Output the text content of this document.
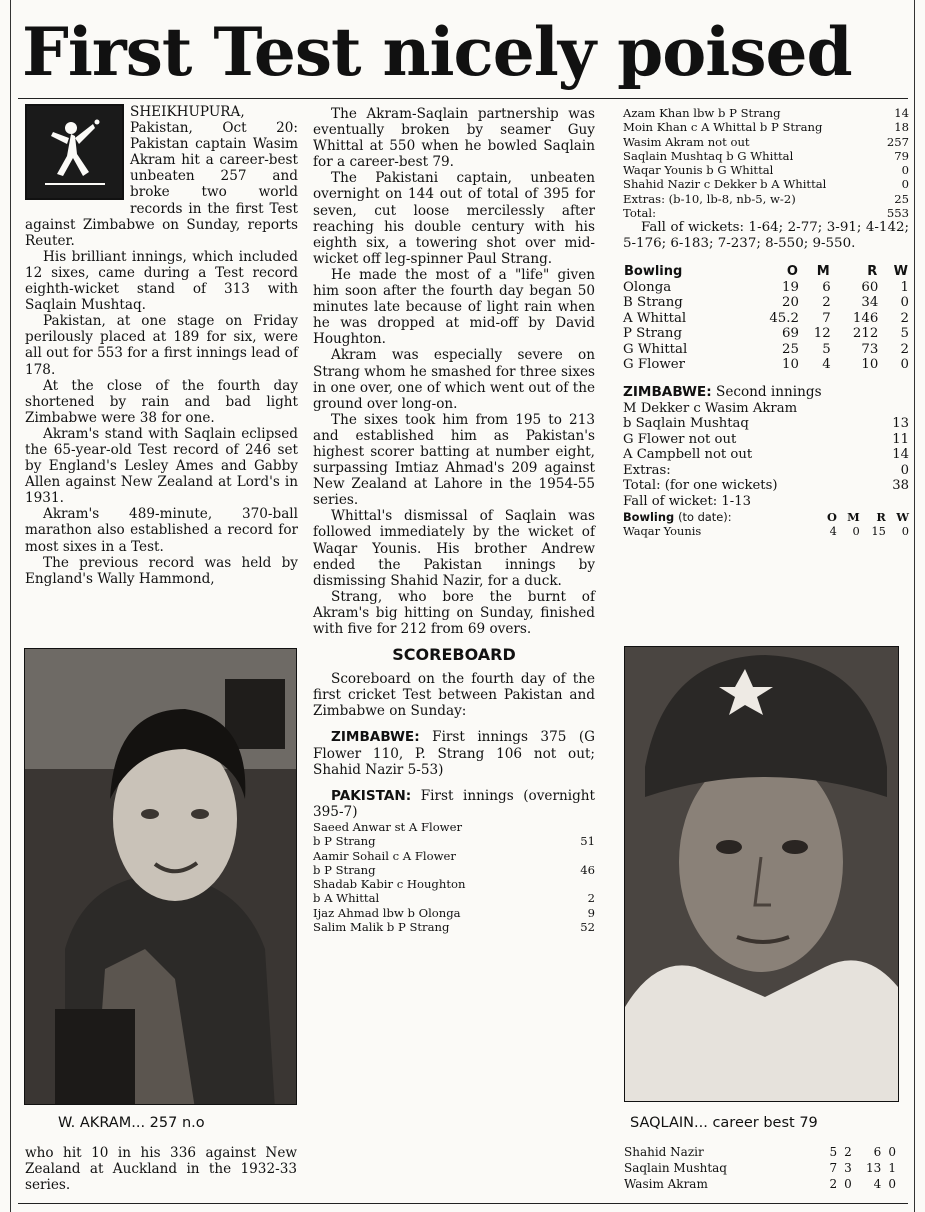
First Test nicely poised

SHEIKHUPURA, Pakistan, Oct 20: Pakistan captain Wasim Akram hit a career-best unbeaten 257 and broke two world records in the first Test against Zimbabwe on Sunday, reports Reuter.

His brilliant innings, which included 12 sixes, came during a Test record eighth-wicket stand of 313 with Saqlain Mushtaq.

Pakistan, at one stage on Friday perilously placed at 189 for six, were all out for 553 for a first innings lead of 178.

At the close of the fourth day shortened by rain and bad light Zimbabwe were 38 for one.

Akram's stand with Saqlain eclipsed the 65-year-old Test record of 246 set by England's Lesley Ames and Gabby Allen against New Zealand at Lord's in 1931.

Akram's 489-minute, 370-ball marathon also established a record for most sixes in a Test.

The previous record was held by England's Wally Hammond,

W. AKRAM... 257 n.o

who hit 10 in his 336 against New Zealand at Auckland in the 1932-33 series.

The Akram-Saqlain partnership was eventually broken by seamer Guy Whittal at 550 when he bowled Saqlain for a career-best 79.

The Pakistani captain, unbeaten overnight on 144 out of total of 395 for seven, cut loose mercilessly after reaching his double century with his eighth six, a towering shot over mid-wicket off leg-spinner Paul Strang.

He made the most of a "life" given him soon after the fourth day began 50 minutes late because of light rain when he was dropped at mid-off by David Houghton.

Akram was especially severe on Strang whom he smashed for three sixes in one over, one of which went out of the ground over long-on.

The sixes took him from 195 to 213 and established him as Pakistan's highest scorer batting at number eight, surpassing Imtiaz Ahmad's 209 against New Zealand at Lahore in the 1954-55 series.

Whittal's dismissal of Saqlain was followed immediately by the wicket of Waqar Younis. His brother Andrew ended the Pakistan innings by dismissing Shahid Nazir, for a duck.

Strang, who bore the burnt of Akram's big hitting on Sunday, finished with five for 212 from 69 overs.

SCOREBOARD

Scoreboard on the fourth day of the first cricket Test between Pakistan and Zimbabwe on Sunday:

ZIMBABWE: First innings 375 (G Flower 110, P. Strang 106 not out; Shahid Nazir 5-53)

PAKISTAN: First innings (overnight 395-7)

Saeed Anwar st A Flower
b P Strang	51
Aamir Sohail c A Flower
b P Strang	46
Shadab Kabir c Houghton
b A Whittal	2
Ijaz Ahmad lbw b Olonga	9
Salim Malik b P Strang	52
Azam Khan lbw b P Strang	14
Moin Khan c A Whittal b P Strang	18
Wasim Akram not out	257
Saqlain Mushtaq b G Whittal	79
Waqar Younis b G Whittal	0
Shahid Nazir c Dekker b A Whittal	0
Extras: (b-10, lb-8, nb-5, w-2)	25
Total:	553

Fall of wickets: 1-64; 2-77; 3-91; 4-142; 5-176; 6-183; 7-237; 8-550; 9-550.

Bowling	O	M	R	W
Olonga	19	6	60	1
B Strang	20	2	34	0
A Whittal	45.2	7	146	2
P Strang	69	12	212	5
G Whittal	25	5	73	2
G Flower	10	4	10	0

ZIMBABWE: Second innings

M Dekker c Wasim Akram
b Saqlain Mushtaq	13
G Flower not out	11
A Campbell not out	14
Extras:	0
Total: (for one wickets)	38
Fall of wicket: 1-13
Bowling (to date):	O	M	R	W
Waqar Younis	4	0	15	0
SAQLAIN... career best 79
Shahid Nazir	5	2	6	0
Saqlain Mushtaq	7	3	13	1
Wasim Akram	2	0	4	0
